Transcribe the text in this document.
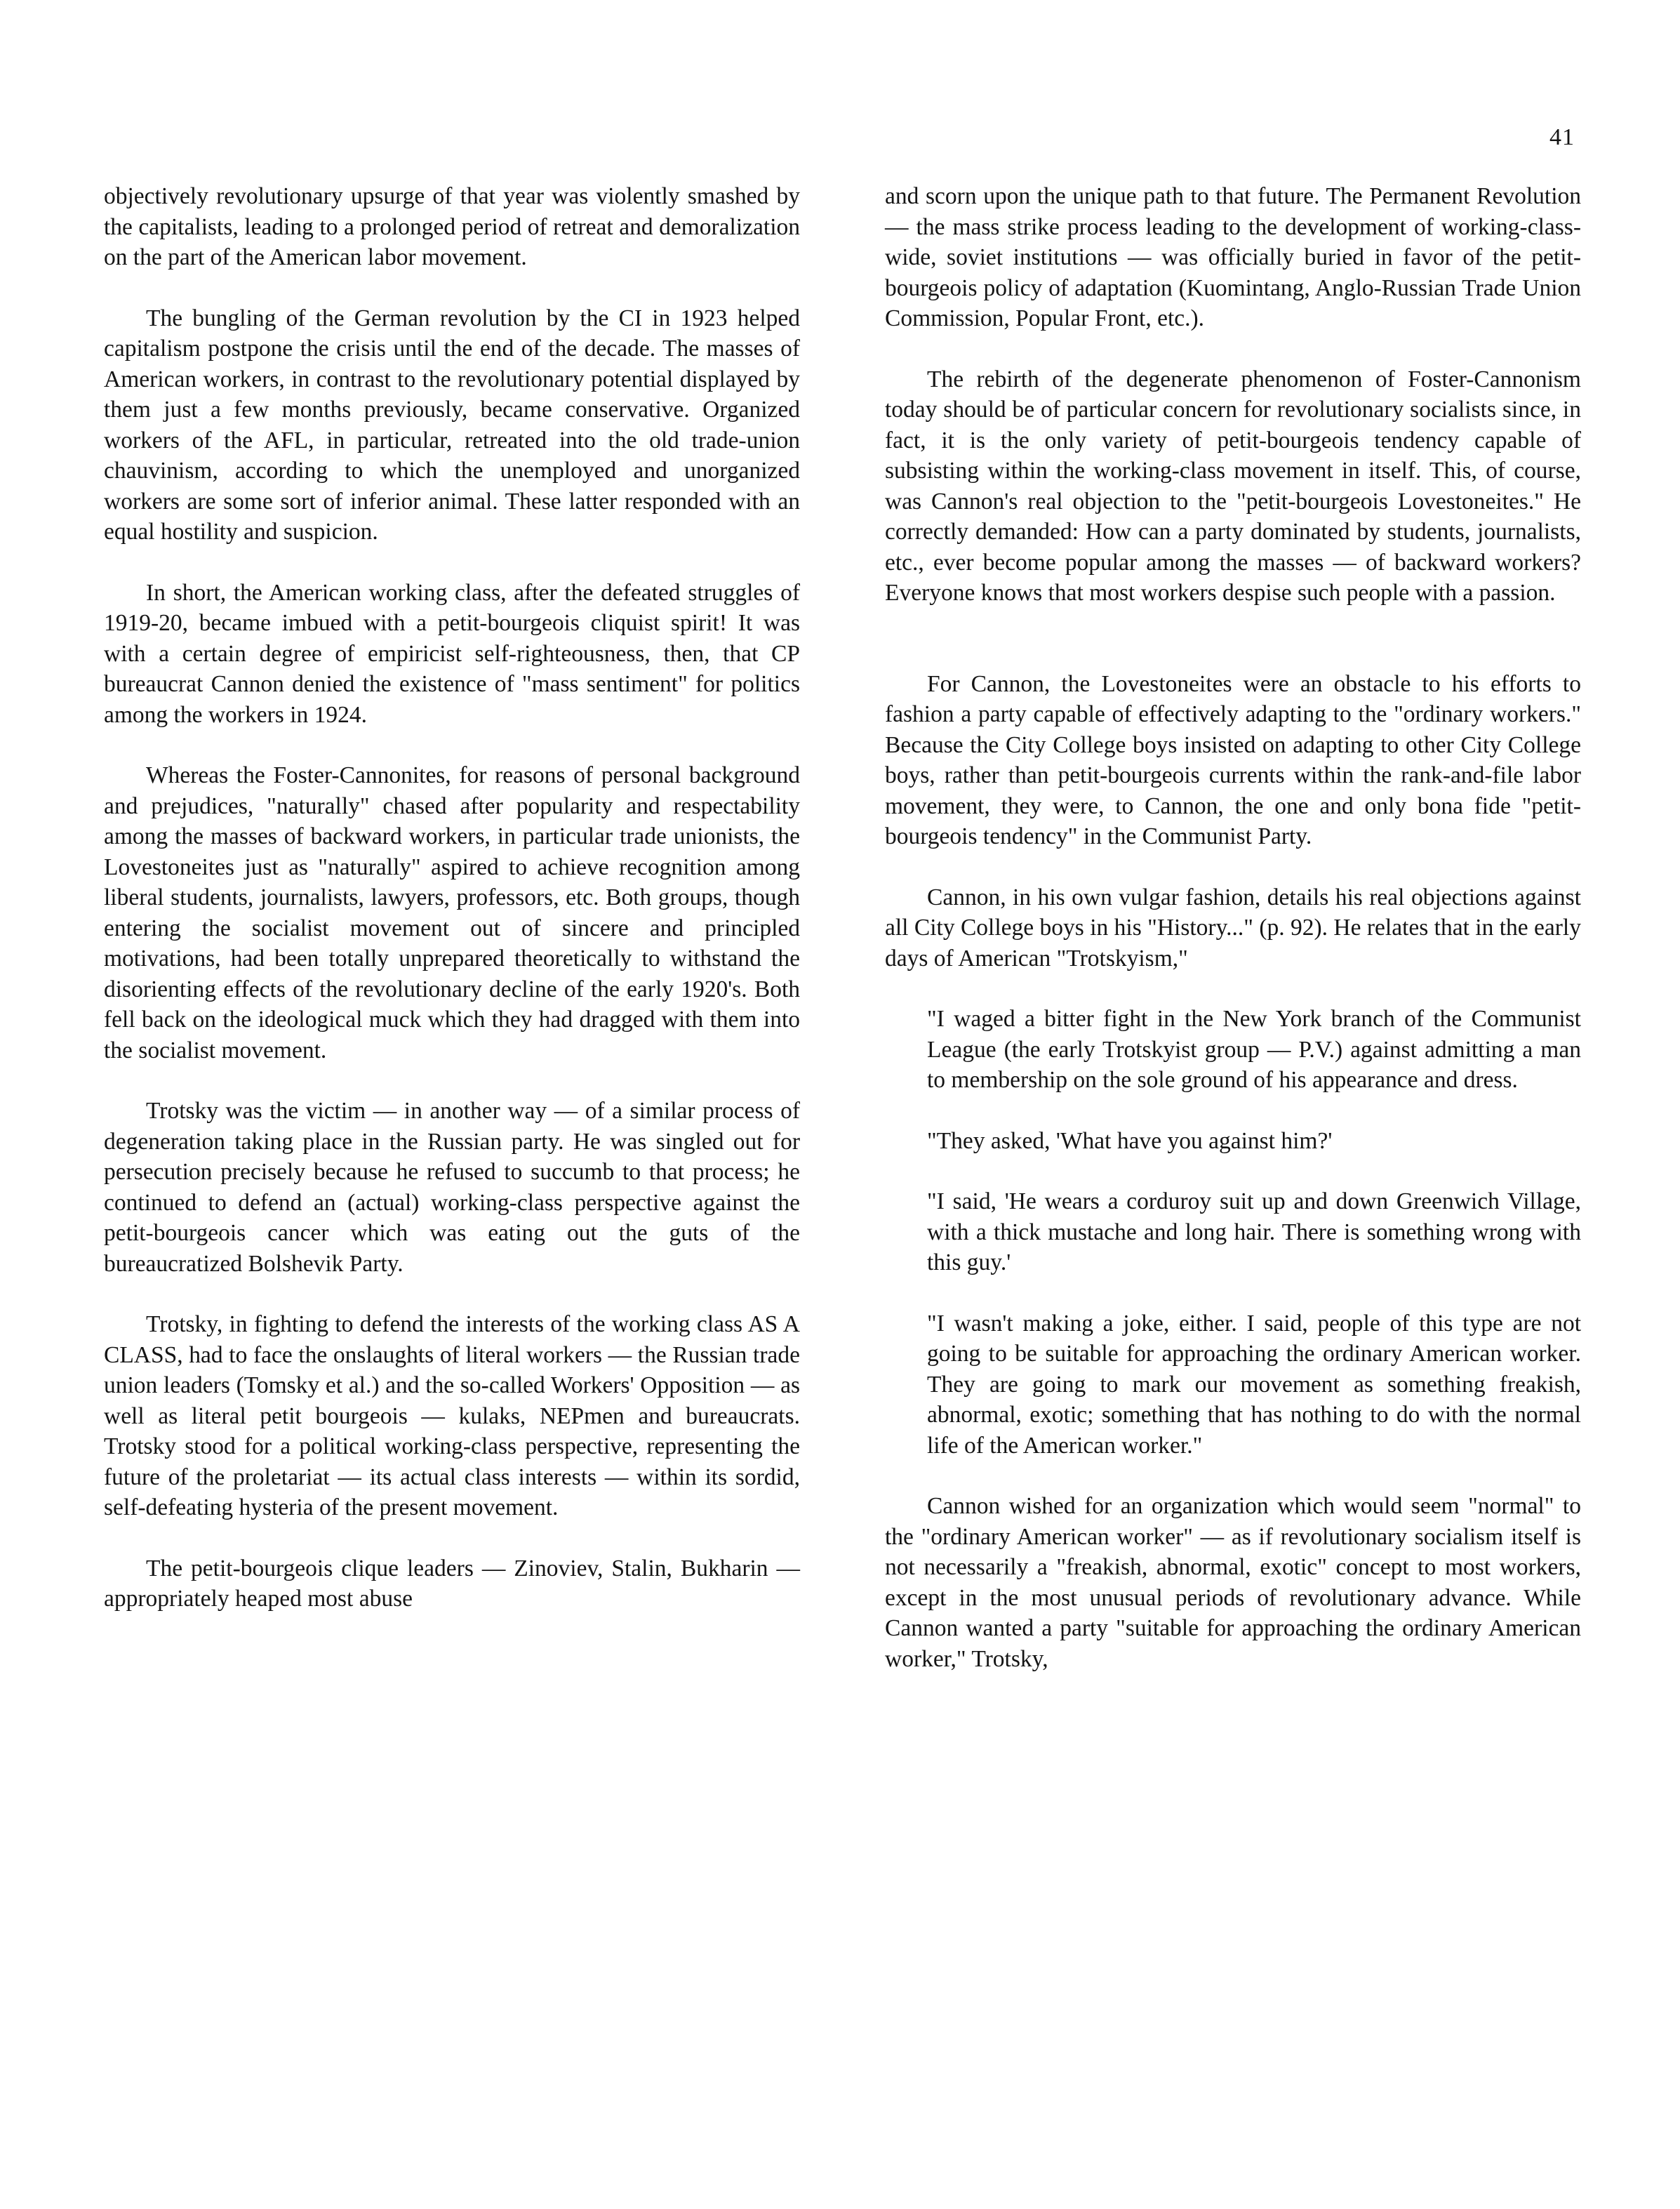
41

objectively revolutionary upsurge of that year was violently smashed by the capitalists, leading to a prolonged period of retreat and demoralization on the part of the American labor movement.

The bungling of the German revolution by the CI in 1923 helped capitalism postpone the crisis until the end of the decade. The masses of American workers, in contrast to the revolutionary potential displayed by them just a few months previously, became conservative. Organized workers of the AFL, in particular, retreated into the old trade-union chauvinism, according to which the unemployed and unorganized workers are some sort of inferior animal. These latter responded with an equal hostility and suspicion.

In short, the American working class, after the defeated struggles of 1919-20, became imbued with a petit-bourgeois cliquist spirit! It was with a certain degree of empiricist self-righteousness, then, that CP bureaucrat Cannon denied the existence of "mass sentiment" for politics among the workers in 1924.

Whereas the Foster-Cannonites, for reasons of personal background and prejudices, "naturally" chased after popularity and respectability among the masses of backward workers, in particular trade unionists, the Lovestoneites just as "naturally" aspired to achieve recognition among liberal students, journalists, lawyers, professors, etc. Both groups, though entering the socialist movement out of sincere and principled motivations, had been totally unprepared theoretically to withstand the disorienting effects of the revolutionary decline of the early 1920's. Both fell back on the ideological muck which they had dragged with them into the socialist movement.

Trotsky was the victim — in another way — of a similar process of degeneration taking place in the Russian party. He was singled out for persecution precisely because he refused to succumb to that process; he continued to defend an (actual) working-class perspective against the petit-bourgeois cancer which was eating out the guts of the bureaucratized Bolshevik Party.

Trotsky, in fighting to defend the interests of the working class AS A CLASS, had to face the onslaughts of literal workers — the Russian trade union leaders (Tomsky et al.) and the so-called Workers' Opposition — as well as literal petit bourgeois — kulaks, NEPmen and bureaucrats. Trotsky stood for a political working-class perspective, representing the future of the proletariat — its actual class interests — within its sordid, self-defeating hysteria of the present movement.

The petit-bourgeois clique leaders — Zinoviev, Stalin, Bukharin — appropriately heaped most abuse

and scorn upon the unique path to that future. The Permanent Revolution — the mass strike process leading to the development of working-class-wide, soviet institutions — was officially buried in favor of the petit-bourgeois policy of adaptation (Kuomintang, Anglo-Russian Trade Union Commission, Popular Front, etc.).

The rebirth of the degenerate phenomenon of Foster-Cannonism today should be of particular concern for revolutionary socialists since, in fact, it is the only variety of petit-bourgeois tendency capable of subsisting within the working-class movement in itself. This, of course, was Cannon's real objection to the "petit-bourgeois Lovestoneites." He correctly demanded: How can a party dominated by students, journalists, etc., ever become popular among the masses — of backward workers? Everyone knows that most workers despise such people with a passion.

For Cannon, the Lovestoneites were an obstacle to his efforts to fashion a party capable of effectively adapting to the "ordinary workers." Because the City College boys insisted on adapting to other City College boys, rather than petit-bourgeois currents within the rank-and-file labor movement, they were, to Cannon, the one and only bona fide "petit-bourgeois tendency" in the Communist Party.

Cannon, in his own vulgar fashion, details his real objections against all City College boys in his "History..." (p. 92). He relates that in the early days of American "Trotskyism,"

"I waged a bitter fight in the New York branch of the Communist League (the early Trotskyist group — P.V.) against admitting a man to membership on the sole ground of his appearance and dress.

"They asked, 'What have you against him?'

"I said, 'He wears a corduroy suit up and down Greenwich Village, with a thick mustache and long hair. There is something wrong with this guy.'

"I wasn't making a joke, either. I said, people of this type are not going to be suitable for approaching the ordinary American worker. They are going to mark our movement as something freakish, abnormal, exotic; something that has nothing to do with the normal life of the American worker."

Cannon wished for an organization which would seem "normal" to the "ordinary American worker" — as if revolutionary socialism itself is not necessarily a "freakish, abnormal, exotic" concept to most workers, except in the most unusual periods of revolutionary advance. While Cannon wanted a party "suitable for approaching the ordinary American worker," Trotsky,
